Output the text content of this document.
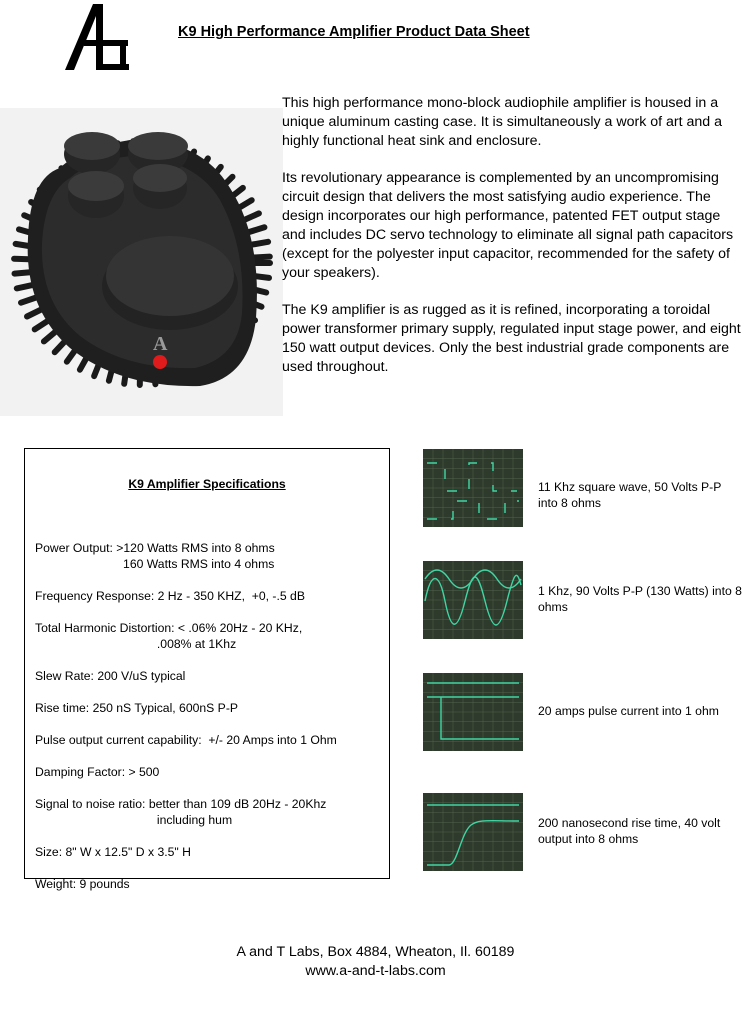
K9 High Performance Amplifier Product Data Sheet
A

This high performance mono-block audiophile amplifier is housed in a unique aluminum casting case. It is simultaneously a work of art and a highly functional heat sink and enclosure.

Its revolutionary appearance is complemented by an uncompromising circuit design that delivers the most satisfying audio experience. The design incorporates our high performance, patented FET output stage and includes DC servo technology to eliminate all signal path capacitors (except for the polyester input capacitor, recommended for the safety of your speakers).

The K9 amplifier is as rugged as it is refined, incorporating a toroidal power transformer primary supply, regulated input stage power, and eight 150 watt output devices. Only the best industrial grade components are used throughout.

K9 Amplifier Specifications

Power Output: >120 Watts RMS into 8 ohms
160 Watts RMS into 4 ohms

Frequency Response: 2 Hz - 350 KHZ,  +0, -.5 dB

Total Harmonic Distortion: < .06% 20Hz - 20 KHz,
.008% at 1Khz

Slew Rate: 200 V/uS typical

Rise time: 250 nS Typical, 600nS P-P

Pulse output current capability:  +/- 20 Amps into 1 Ohm

Damping Factor: > 500

Signal to noise ratio: better than 109 dB 20Hz - 20Khz
including hum

Size: 8" W x 12.5" D x 3.5" H

Weight: 9 pounds

11 Khz square wave, 50 Volts P-P into 8 ohms
1 Khz, 90 Volts P-P (130 Watts) into 8 ohms
20 amps pulse current into 1 ohm
200 nanosecond rise time, 40 volt output into 8 ohms
A and T Labs, Box 4884, Wheaton, Il. 60189
www.a-and-t-labs.com
